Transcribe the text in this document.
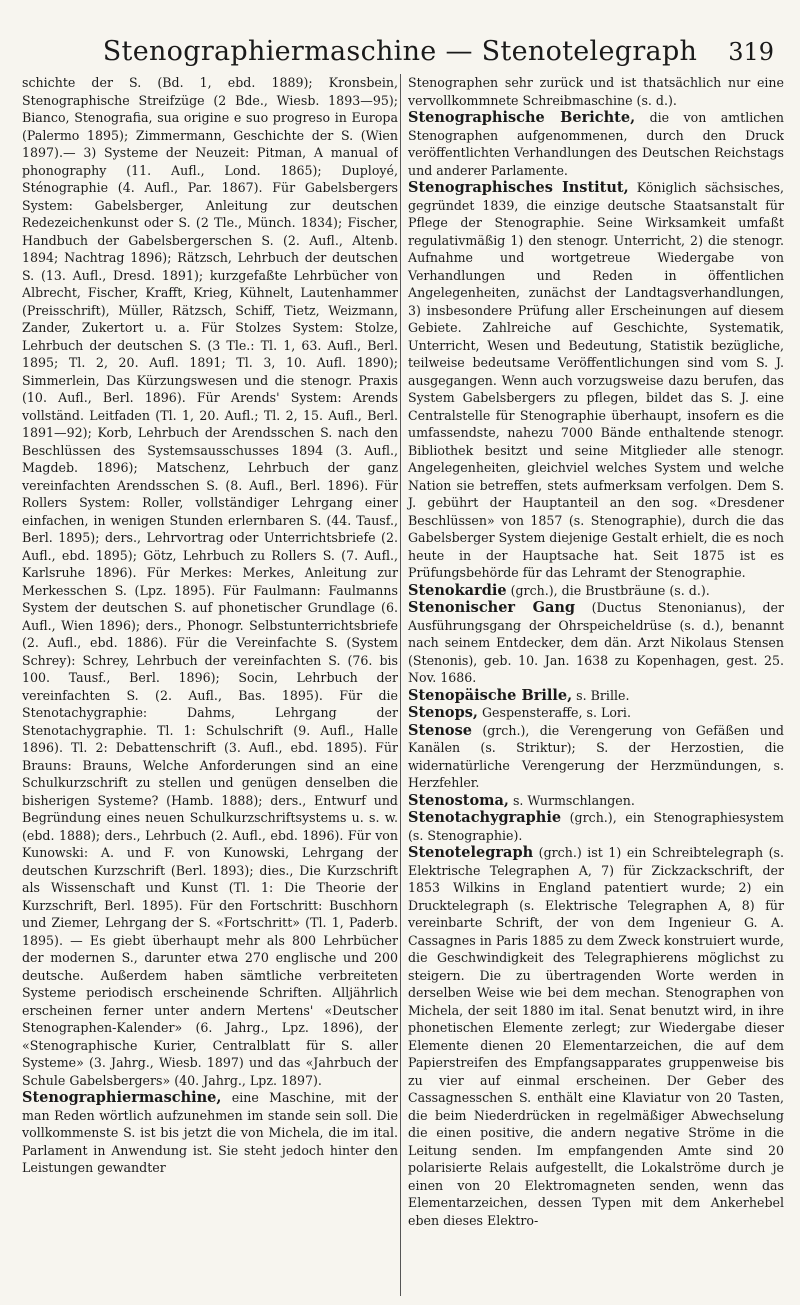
Stenographiermaschine — Stenotelegraph	319

schichte der S. (Bd. 1, ebd. 1889); Kronsbein, Stenographische Streifzüge (2 Bde., Wiesb. 1893—95); Bianco, Stenografia, sua origine e suo progreso in Europa (Palermo 1895); Zimmermann, Geschichte der S. (Wien 1897).— 3) Systeme der Neuzeit: Pitman, A manual of phonography (11. Aufl., Lond. 1865); Duployé, Sténographie (4. Aufl., Par. 1867). Für Gabelsbergers System: Gabelsberger, Anleitung zur deutschen Redezeichenkunst oder S. (2 Tle., Münch. 1834); Fischer, Handbuch der Gabelsbergerschen S. (2. Aufl., Altenb. 1894; Nachtrag 1896); Rätzsch, Lehrbuch der deutschen S. (13. Aufl., Dresd. 1891); kurzgefaßte Lehrbücher von Albrecht, Fischer, Krafft, Krieg, Kühnelt, Lautenhammer (Preisschrift), Müller, Rätzsch, Schiff, Tietz, Weizmann, Zander, Zukertort u. a. Für Stolzes System: Stolze, Lehrbuch der deutschen S. (3 Tle.: Tl. 1, 63. Aufl., Berl. 1895; Tl. 2, 20. Aufl. 1891; Tl. 3, 10. Aufl. 1890); Simmerlein, Das Kürzungswesen und die stenogr. Praxis (10. Aufl., Berl. 1896). Für Arends' System: Arends vollständ. Leitfaden (Tl. 1, 20. Aufl.; Tl. 2, 15. Aufl., Berl. 1891—92); Korb, Lehrbuch der Arendsschen S. nach den Beschlüssen des Systemsausschusses 1894 (3. Aufl., Magdeb. 1896); Matschenz, Lehrbuch der ganz vereinfachten Arendsschen S. (8. Aufl., Berl. 1896). Für Rollers System: Roller, vollständiger Lehrgang einer einfachen, in wenigen Stunden erlernbaren S. (44. Tausf., Berl. 1895); ders., Lehrvortrag oder Unterrichtsbriefe (2. Aufl., ebd. 1895); Götz, Lehrbuch zu Rollers S. (7. Aufl., Karlsruhe 1896). Für Merkes: Merkes, Anleitung zur Merkesschen S. (Lpz. 1895). Für Faulmann: Faulmanns System der deutschen S. auf phonetischer Grundlage (6. Aufl., Wien 1896); ders., Phonogr. Selbstunterrichtsbriefe (2. Aufl., ebd. 1886). Für die Vereinfachte S. (System Schrey): Schrey, Lehrbuch der vereinfachten S. (76. bis 100. Tausf., Berl. 1896); Socin, Lehrbuch der vereinfachten S. (2. Aufl., Bas. 1895). Für die Stenotachygraphie: Dahms, Lehrgang der Stenotachygraphie. Tl. 1: Schulschrift (9. Aufl., Halle 1896). Tl. 2: Debattenschrift (3. Aufl., ebd. 1895). Für Brauns: Brauns, Welche Anforderungen sind an eine Schulkurzschrift zu stellen und genügen denselben die bisherigen Systeme? (Hamb. 1888); ders., Entwurf und Begründung eines neuen Schulkurzschriftsystems u. s. w. (ebd. 1888); ders., Lehrbuch (2. Aufl., ebd. 1896). Für von Kunowski: A. und F. von Kunowski, Lehrgang der deutschen Kurzschrift (Berl. 1893); dies., Die Kurzschrift als Wissenschaft und Kunst (Tl. 1: Die Theorie der Kurzschrift, Berl. 1895). Für den Fortschritt: Buschhorn und Ziemer, Lehrgang der S. «Fortschritt» (Tl. 1, Paderb. 1895). — Es giebt überhaupt mehr als 800 Lehrbücher der modernen S., darunter etwa 270 englische und 200 deutsche. Außerdem haben sämtliche verbreiteten Systeme periodisch erscheinende Schriften. Alljährlich erscheinen ferner unter andern Mertens' «Deutscher Stenographen-Kalender» (6. Jahrg., Lpz. 1896), der «Stenographische Kurier, Centralblatt für S. aller Systeme» (3. Jahrg., Wiesb. 1897) und das «Jahrbuch der Schule Gabelsbergers» (40. Jahrg., Lpz. 1897).

Stenographiermaschine, eine Maschine, mit der man Reden wörtlich aufzunehmen im stande sein soll. Die vollkommenste S. ist bis jetzt die von Michela, die im ital. Parlament in Anwendung ist. Sie steht jedoch hinter den Leistungen gewandter

Stenographen sehr zurück und ist thatsächlich nur eine vervollkommnete Schreibmaschine (s. d.).

Stenographische Berichte, die von amtlichen Stenographen aufgenommenen, durch den Druck veröffentlichten Verhandlungen des Deutschen Reichstags und anderer Parlamente.

Stenographisches Institut, Königlich sächsisches, gegründet 1839, die einzige deutsche Staatsanstalt für Pflege der Stenographie. Seine Wirksamkeit umfaßt regulativmäßig 1) den stenogr. Unterricht, 2) die stenogr. Aufnahme und wortgetreue Wiedergabe von Verhandlungen und Reden in öffentlichen Angelegenheiten, zunächst der Landtagsverhandlungen, 3) insbesondere Prüfung aller Erscheinungen auf diesem Gebiete. Zahlreiche auf Geschichte, Systematik, Unterricht, Wesen und Bedeutung, Statistik bezügliche, teilweise bedeutsame Veröffentlichungen sind vom S. J. ausgegangen. Wenn auch vorzugsweise dazu berufen, das System Gabelsbergers zu pflegen, bildet das S. J. eine Centralstelle für Stenographie überhaupt, insofern es die umfassendste, nahezu 7000 Bände enthaltende stenogr. Bibliothek besitzt und seine Mitglieder alle stenogr. Angelegenheiten, gleichviel welches System und welche Nation sie betreffen, stets aufmerksam verfolgen. Dem S. J. gebührt der Hauptanteil an den sog. «Dresdener Beschlüssen» von 1857 (s. Stenographie), durch die das Gabelsberger System diejenige Gestalt erhielt, die es noch heute in der Hauptsache hat. Seit 1875 ist es Prüfungsbehörde für das Lehramt der Stenographie.

Stenokardie (grch.), die Brustbräune (s. d.).

Stenonischer Gang (Ductus Stenonianus), der Ausführungsgang der Ohrspeicheldrüse (s. d.), benannt nach seinem Entdecker, dem dän. Arzt Nikolaus Stensen (Stenonis), geb. 10. Jan. 1638 zu Kopenhagen, gest. 25. Nov. 1686.

Stenopäische Brille, s. Brille.

Stenops, Gespensteraffe, s. Lori.

Stenose (grch.), die Verengerung von Gefäßen und Kanälen (s. Striktur); S. der Herzostien, die widernatürliche Verengerung der Herzmündungen, s. Herzfehler.

Stenostoma, s. Wurmschlangen.

Stenotachygraphie (grch.), ein Stenographiesystem (s. Stenographie).

Stenotelegraph (grch.) ist 1) ein Schreibtelegraph (s. Elektrische Telegraphen A, 7) für Zickzackschrift, der 1853 Wilkins in England patentiert wurde; 2) ein Drucktelegraph (s. Elektrische Telegraphen A, 8) für vereinbarte Schrift, der von dem Ingenieur G. A. Cassagnes in Paris 1885 zu dem Zweck konstruiert wurde, die Geschwindigkeit des Telegraphierens möglichst zu steigern. Die zu übertragenden Worte werden in derselben Weise wie bei dem mechan. Stenographen von Michela, der seit 1880 im ital. Senat benutzt wird, in ihre phonetischen Elemente zerlegt; zur Wiedergabe dieser Elemente dienen 20 Elementarzeichen, die auf dem Papierstreifen des Empfangsapparates gruppenweise bis zu vier auf einmal erscheinen. Der Geber des Cassagnesschen S. enthält eine Klaviatur von 20 Tasten, die beim Niederdrücken in regelmäßiger Abwechselung die einen positive, die andern negative Ströme in die Leitung senden. Im empfangenden Amte sind 20 polarisierte Relais aufgestellt, die Lokalströme durch je einen von 20 Elektromagneten senden, wenn das Elementarzeichen, dessen Typen mit dem Ankerhebel eben dieses Elektro-
